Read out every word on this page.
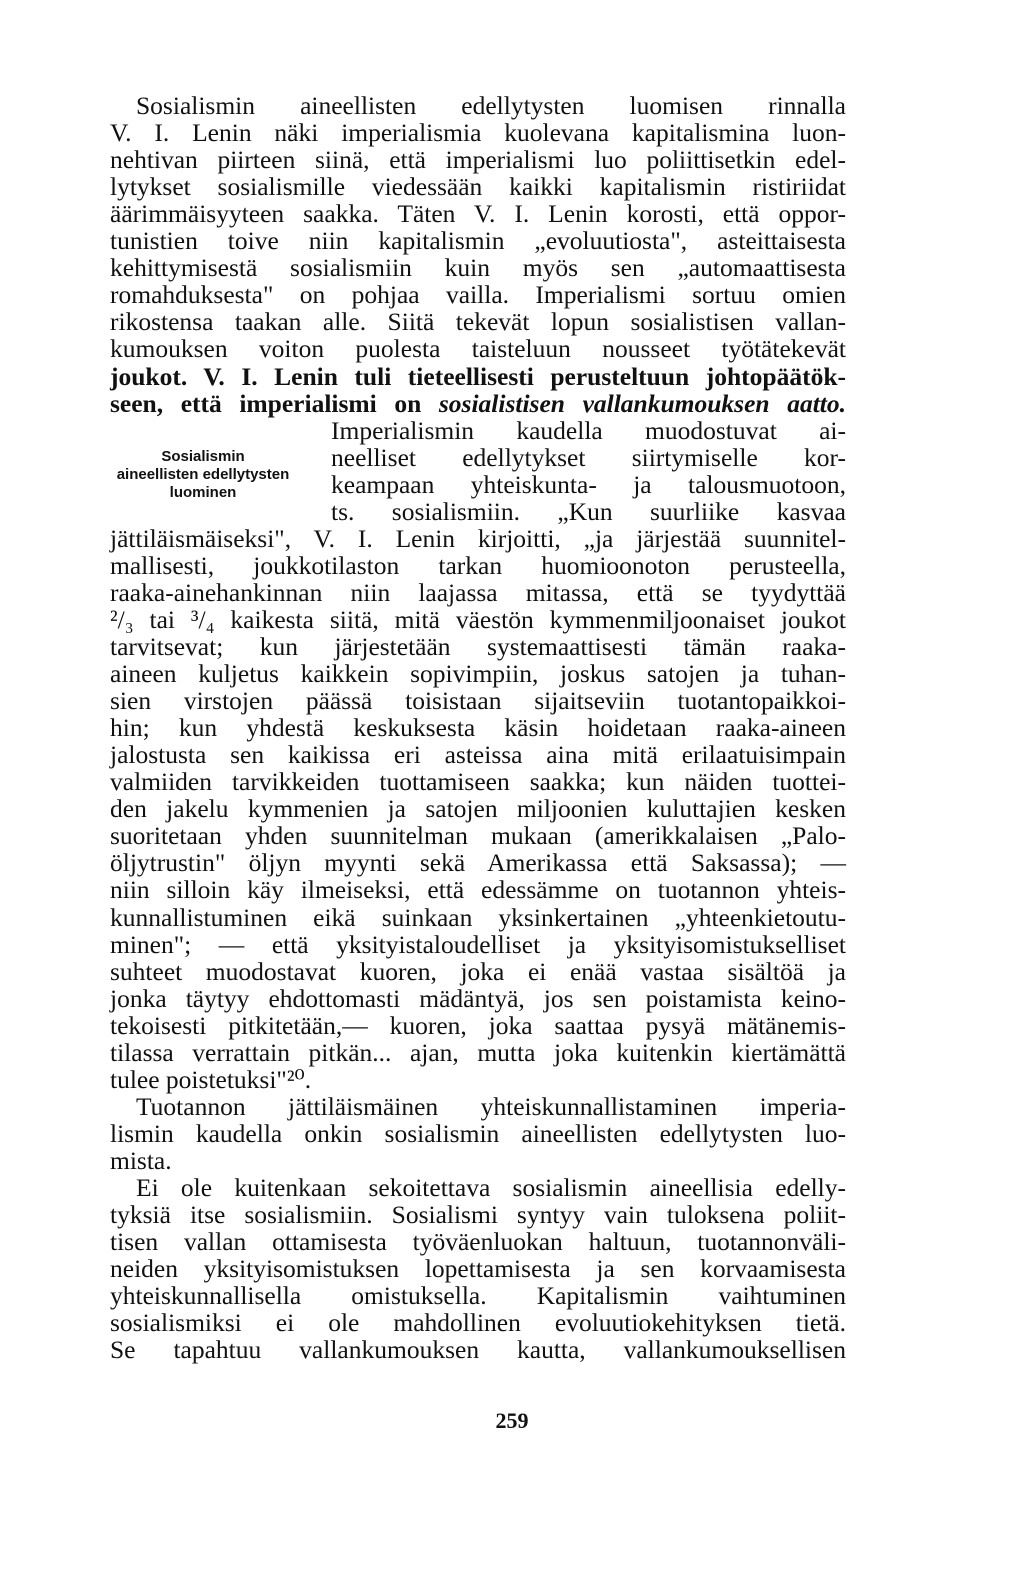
Sosialismin aineellisten edellytysten luomisen rinnalla

V. I. Lenin näki imperialismia kuolevana kapitalismina luon-

nehtivan piirteen siinä, että imperialismi luo poliittisetkin edel-

lytykset sosialismille viedessään kaikki kapitalismin ristiriidat

äärimmäisyyteen saakka. Täten V. I. Lenin korosti, että oppor-

tunistien toive niin kapitalismin „evoluutiosta", asteittaisesta

kehittymisestä sosialismiin kuin myös sen „automaattisesta

romahduksesta" on pohjaa vailla. Imperialismi sortuu omien

rikostensa taakan alle. Siitä tekevät lopun sosialistisen vallan-

kumouksen voiton puolesta taisteluun nousseet työtätekevät

joukot. V. I. Lenin tuli tieteellisesti perusteltuun johtopäätök-

seen, että imperialismi on sosialistisen vallankumouksen aatto.

Imperialismin kaudella muodostuvat ai-

neelliset edellytykset siirtymiselle kor-

keampaan yhteiskunta- ja talousmuotoon,

ts. sosialismiin. „Kun suurliike kasvaa

jättiläismäiseksi", V. I. Lenin kirjoitti, „ja järjestää suunnitel-

mallisesti, joukkotilaston tarkan huomioonoton perusteella,

raaka-ainehankinnan niin laajassa mitassa, että se tyydyttää

²/₃ tai ³/₄ kaikesta siitä, mitä väestön kymmenmiljoonaiset joukot

tarvitsevat; kun järjestetään systemaattisesti tämän raaka-

aineen kuljetus kaikkein sopivimpiin, joskus satojen ja tuhan-

sien virstojen päässä toisistaan sijaitseviin tuotantopaikkoi-

hin; kun yhdestä keskuksesta käsin hoidetaan raaka-aineen

jalostusta sen kaikissa eri asteissa aina mitä erilaatuisimpain

valmiiden tarvikkeiden tuottamiseen saakka; kun näiden tuottei-

den jakelu kymmenien ja satojen miljoonien kuluttajien kesken

suoritetaan yhden suunnitelman mukaan (amerikkalaisen „Palo-

öljytrustin" öljyn myynti sekä Amerikassa että Saksassa); —

niin silloin käy ilmeiseksi, että edessämme on tuotannon yhteis-

kunnallistuminen eikä suinkaan yksinkertainen „yhteenkietoutu-

minen"; — että yksityistaloudelliset ja yksityisomistukselliset

suhteet muodostavat kuoren, joka ei enää vastaa sisältöä ja

jonka täytyy ehdottomasti mädäntyä, jos sen poistamista keino-

tekoisesti pitkitetään,— kuoren, joka saattaa pysyä mätänemis-

tilassa verrattain pitkän... ajan, mutta joka kuitenkin kiertämättä

tulee poistetuksi"²⁰.

Tuotannon jättiläismäinen yhteiskunnallistaminen imperia-

lismin kaudella onkin sosialismin aineellisten edellytysten luo-

mista.

Ei ole kuitenkaan sekoitettava sosialismin aineellisia edelly-

tyksiä itse sosialismiin. Sosialismi syntyy vain tuloksena poliit-

tisen vallan ottamisesta työväenluokan haltuun, tuotannonväli-

neiden yksityisomistuksen lopettamisesta ja sen korvaamisesta

yhteiskunnallisella omistuksella. Kapitalismin vaihtuminen

sosialismiksi ei ole mahdollinen evoluutiokehityksen tietä.

Se tapahtuu vallankumouksen kautta, vallankumouksellisen

Sosialismin
aineellisten edellytysten
luominen
259
